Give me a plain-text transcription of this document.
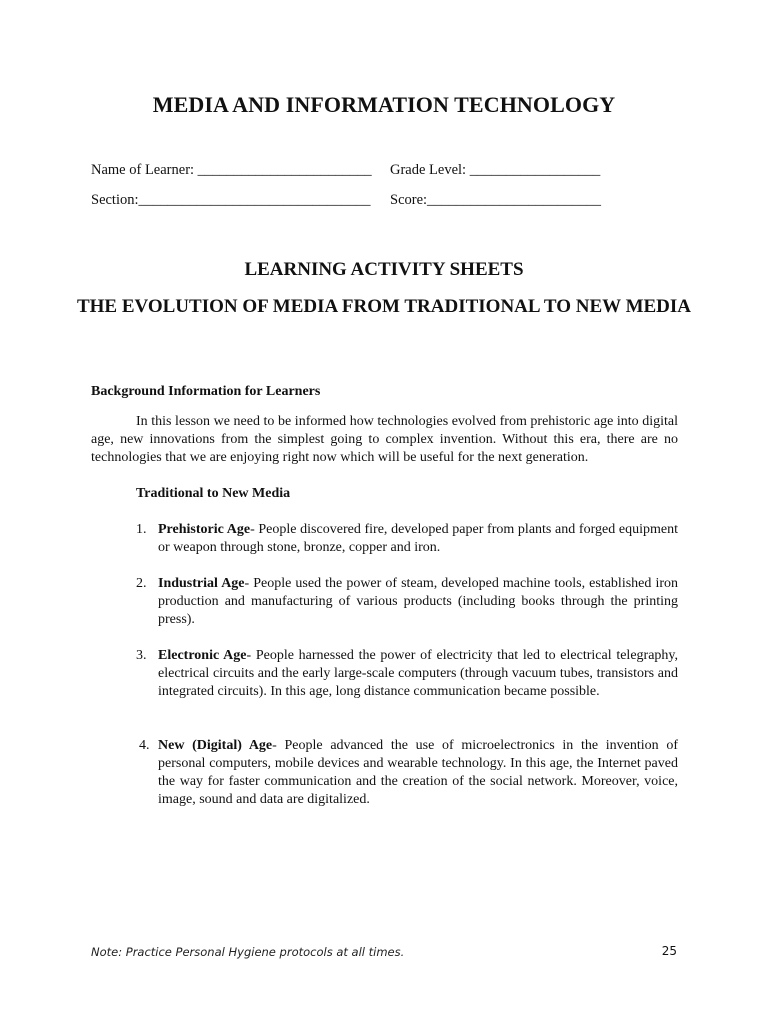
MEDIA AND INFORMATION TECHNOLOGY
Name of Learner: ________________________ Grade Level: __________________
Section:________________________________ Score:________________________
LEARNING ACTIVITY SHEETS
THE EVOLUTION OF MEDIA FROM TRADITIONAL TO NEW MEDIA
Background Information for Learners
In this lesson we need to be informed how technologies evolved from prehistoric age into digital age, new innovations from the simplest going to complex invention. Without this era, there are no technologies that we are enjoying right now which will be useful for the next generation.
Traditional to New Media
1. Prehistoric Age- People discovered fire, developed paper from plants and forged equipment or weapon through stone, bronze, copper and iron.
2. Industrial Age- People used the power of steam, developed machine tools, established iron production and manufacturing of various products (including books through the printing press).
3. Electronic Age- People harnessed the power of electricity that led to electrical telegraphy, electrical circuits and the early large-scale computers (through vacuum tubes, transistors and integrated circuits). In this age, long distance communication became possible.
4. New (Digital) Age- People advanced the use of microelectronics in the invention of personal computers, mobile devices and wearable technology. In this age, the Internet paved the way for faster communication and the creation of the social network. Moreover, voice, image, sound and data are digitalized.
Note: Practice Personal Hygiene protocols at all times.	25
